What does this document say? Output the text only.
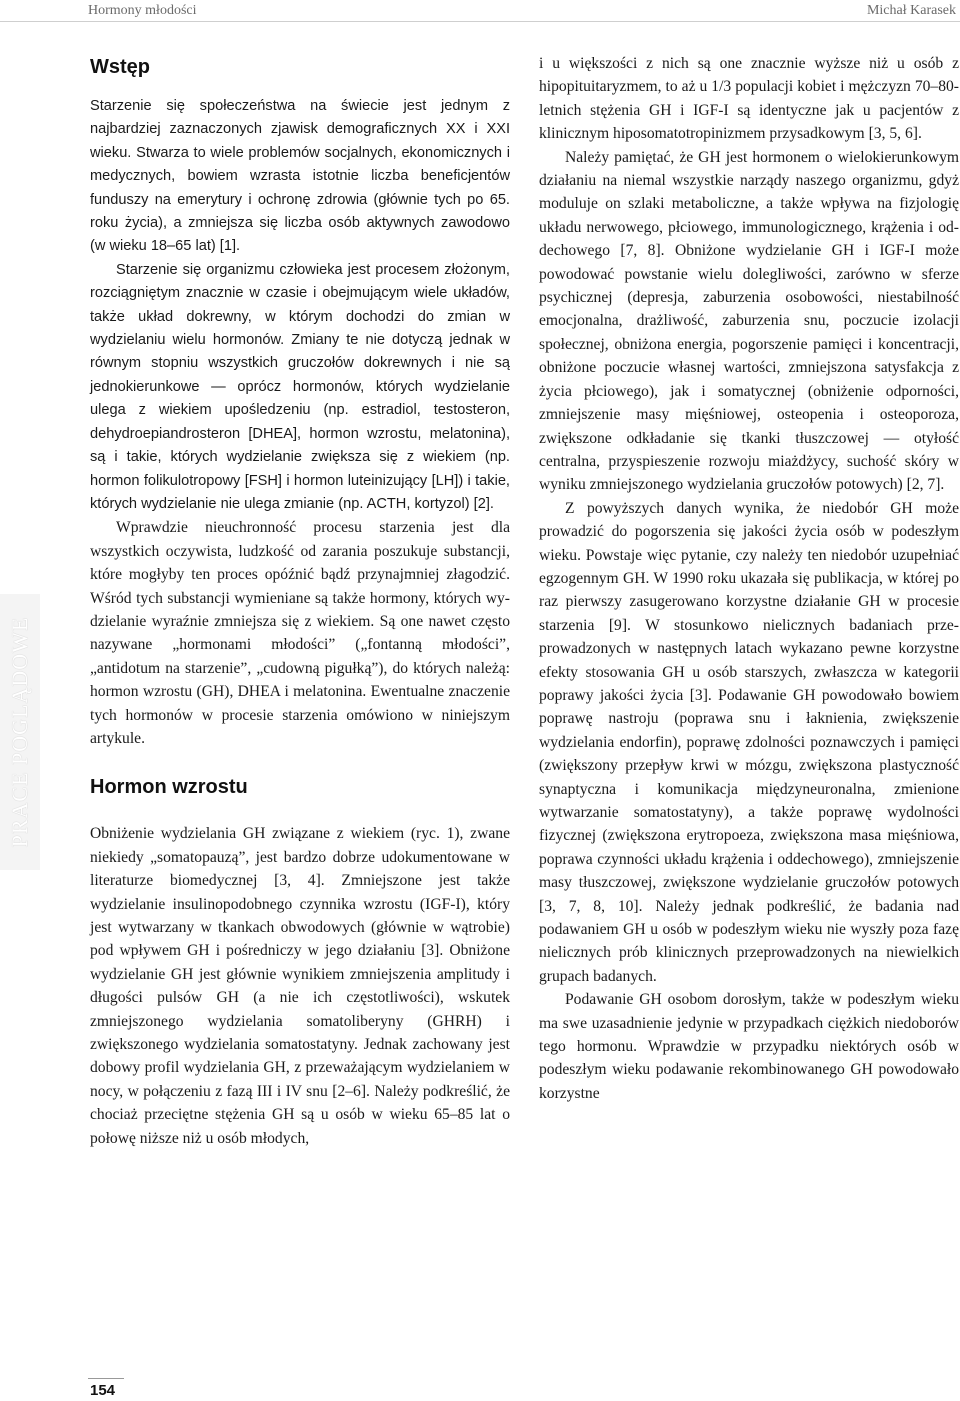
Hormony młodości	Michał Karasek
PRACE POGLĄDOWE
Wstęp

Starzenie się społeczeństwa na świecie jest jednym z najbardziej zaznaczonych zjawisk demograficznych XX i XXI wieku. Stwarza to wiele problemów socjalnych, ekonomicznych i medycznych, bowiem wzrasta istotnie liczba beneficjentów funduszy na emerytury i ochronę zdrowia (głównie tych po 65. roku życia), a zmniejsza się liczba osób aktywnych zawodowo (w wieku 18–65 lat) [1].

Starzenie się organizmu człowieka jest procesem złożonym, rozciągniętym znacznie w czasie i obejmującym wiele układów, także układ dokrewny, w którym dochodzi do zmian w wydzielaniu wielu hormonów. Zmiany te nie dotyczą jednak w równym stopniu wszystkich gruczołów dokrewnych i nie są jednokierunkowe — oprócz hormonów, których wydzielanie ulega z wiekiem upośledzeniu (np. estradiol, testosteron, dehydroepiandrosteron [DHEA], hormon wzrostu, melatonina), są i takie, których wydzielanie zwiększa się z wiekiem (np. hormon folikulotropowy [FSH] i hormon luteinizujący [LH]) i takie, których wydzielanie nie ulega zmianie (np. ACTH, kortyzol) [2].

Wprawdzie nieuchronność procesu starzenia jest dla wszystkich oczywista, ludzkość od zarania poszukuje substancji, które mogłyby ten proces opóźnić bądź przynajmniej złagodzić. Wśród tych substancji wymieniane są także hormony, których wydzielanie wyraźnie zmniejsza się z wiekiem. Są one nawet często nazywane „hormonami młodości” („fontanną młodości”, „antidotum na starzenie”, „cudowną pigułką”), do których należą: hormon wzrostu (GH), DHEA i melatonina. Ewentualne znaczenie tych hormonów w procesie starzenia omówiono w niniejszym artykule.

Hormon wzrostu

Obniżenie wydzielania GH związane z wiekiem (ryc. 1), zwane niekiedy „somatopauzą”, jest bardzo dobrze udokumentowane w literaturze biomedycznej [3, 4]. Zmniejszone jest także wydzielanie insulinopodobnego czynnika wzrostu (IGF-I), który jest wytwarzany w tkankach obwodowych (głównie w wątrobie) pod wpływem GH i pośredniczy w jego działaniu [3]. Obniżone wydzielanie GH jest głównie wynikiem zmniejszenia amplitudy i długości pulsów GH (a nie ich częstotliwości), wskutek zmniejszonego wydzielania somatoliberyny (GHRH) i zwiększonego wydzielania somatostatyny. Jednak zachowany jest dobowy profil wydzielania GH, z przeważającym wydzielaniem w nocy, w połączeniu z fazą III i IV snu [2–6]. Należy podkreślić, że chociaż przeciętne stężenia GH są u osób w wieku 65–85 lat o połowę niższe niż u osób młodych,

i u większości z nich są one znacznie wyższe niż u osób z hipopituitaryzmem, to aż u 1/3 populacji kobiet i mężczyzn 70–80-letnich stężenia GH i IGF-I są identyczne jak u pacjentów z klinicznym hiposomatotropinizmem przysadkowym [3, 5, 6].

Należy pamiętać, że GH jest hormonem o wielokierunkowym działaniu na niemal wszystkie narządy naszego organizmu, gdyż moduluje on szlaki metaboliczne, a także wpływa na fizjologię układu nerwowego, płciowego, immunologicznego, krążenia i oddechowego [7, 8]. Obniżone wydzielanie GH i IGF-I może powodować powstanie wielu dolegliwości, zarówno w sferze psychicznej (depresja, zaburzenia osobowości, niestabilność emocjonalna, drażliwość, zaburzenia snu, poczucie izolacji społecznej, obniżona energia, pogorszenie pamięci i koncentracji, obniżone poczucie własnej wartości, zmniejszona satysfakcja z życia płciowego), jak i somatycznej (obniżenie odporności, zmniejszenie masy mięśniowej, osteopenia i osteoporoza, zwiększone odkładanie się tkanki tłuszczowej — otyłość centralna, przyspieszenie rozwoju miażdżycy, suchość skóry w wyniku zmniejszonego wydzielania gruczołów potowych) [2, 7].

Z powyższych danych wynika, że niedobór GH może prowadzić do pogorszenia się jakości życia osób w podeszłym wieku. Powstaje więc pytanie, czy należy ten niedobór uzupełniać egzogennym GH. W 1990 roku ukazała się publikacja, w której po raz pierwszy zasugerowano korzystne działanie GH w procesie starzenia [9]. W stosunkowo nielicznych badaniach przeprowadzonych w następnych latach wykazano pewne korzystne efekty stosowania GH u osób starszych, zwłaszcza w kategorii poprawy jakości życia [3]. Podawanie GH powodowało bowiem poprawę nastroju (poprawa snu i łaknienia, zwiększenie wydzielania endorfin), poprawę zdolności poznawczych i pamięci (zwiększony przepływ krwi w mózgu, zwiększona plastyczność synaptyczna i komunikacja międzyneuronalna, zmienione wytwarzanie somatostatyny), a także poprawę wydolności fizycznej (zwiększona erytropoeza, zwiększona masa mięśniowa, poprawa czynności układu krążenia i oddechowego), zmniejszenie masy tłuszczowej, zwiększone wydzielanie gruczołów potowych [3, 7, 8, 10]. Należy jednak podkreślić, że badania nad podawaniem GH u osób w podeszłym wieku nie wyszły poza fazę nielicznych prób klinicznych przeprowadzonych na niewielkich grupach badanych.

Podawanie GH osobom dorosłym, także w podeszłym wieku ma swe uzasadnienie jedynie w przypadkach ciężkich niedoborów tego hormonu. Wprawdzie w przypadku niektórych osób w podeszłym wieku podawanie rekombinowanego GH powodowało korzystne

154
